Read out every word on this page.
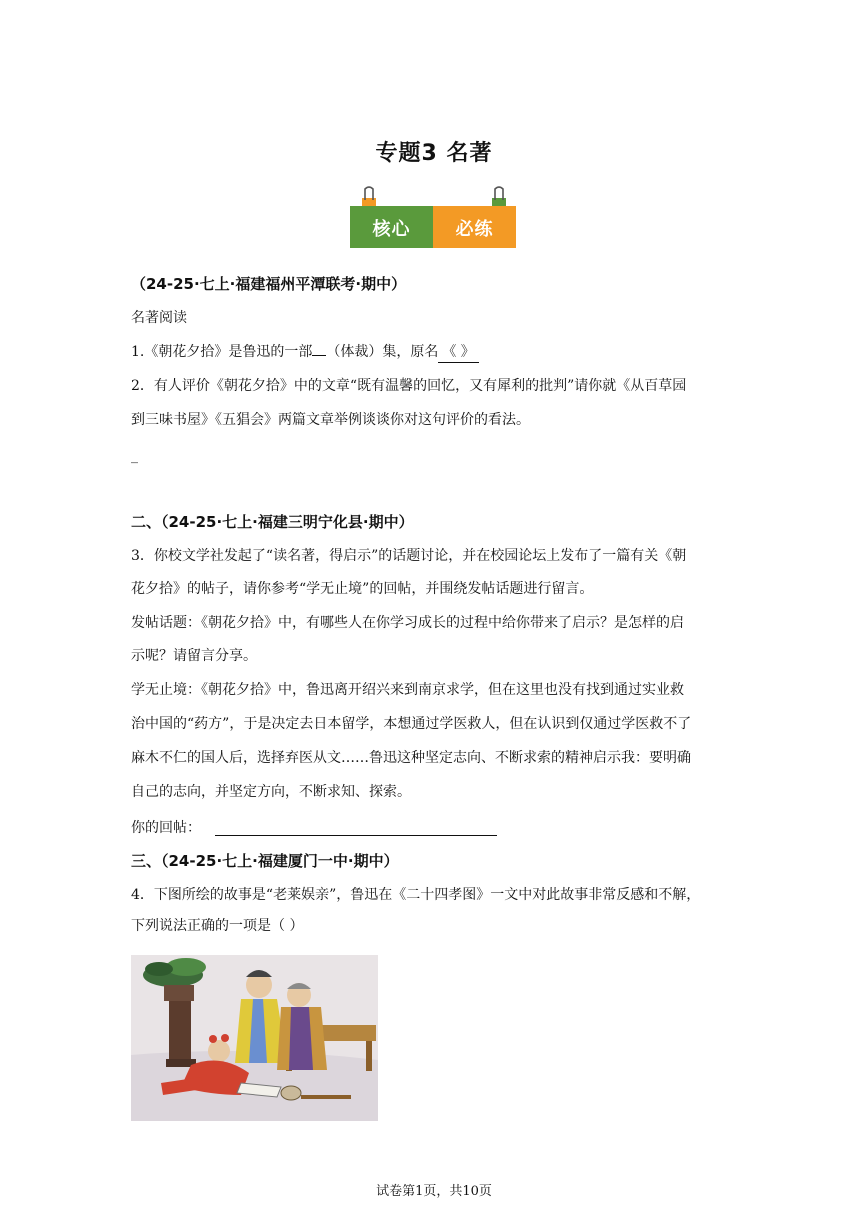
专题3 名著
核心	必练
（24-25·七上·福建福州平潭联考·期中）
名著阅读
1.《朝花夕拾》是鲁迅的一部 （体裁）集，原名 《 》
2．有人评价《朝花夕拾》中的文章“既有温馨的回忆，又有犀利的批判”请你就《从百草园
到三味书屋》《五猖会》两篇文章举例谈谈你对这句评价的看法。
_
二、（24-25·七上·福建三明宁化县·期中）
3．你校文学社发起了“读名著，得启示”的话题讨论，并在校园论坛上发布了一篇有关《朝
花夕拾》的帖子，请你参考“学无止境”的回帖，并围绕发帖话题进行留言。
发帖话题：《朝花夕拾》中，有哪些人在你学习成长的过程中给你带来了启示？是怎样的启
示呢？请留言分享。
学无止境：《朝花夕拾》中，鲁迅离开绍兴来到南京求学，但在这里也没有找到通过实业救
治中国的“药方”，于是决定去日本留学，本想通过学医救人，但在认识到仅通过学医救不了
麻木不仁的国人后，选择弃医从文……鲁迅这种坚定志向、不断求索的精神启示我：要明确
自己的志向，并坚定方向，不断求知、探索。
你的回帖：
三、（24-25·七上·福建厦门一中·期中）
4．下图所绘的故事是“老莱娱亲”，鲁迅在《二十四孝图》一文中对此故事非常反感和不解，
下列说法正确的一项是（ ）
试卷第1页，共10页
